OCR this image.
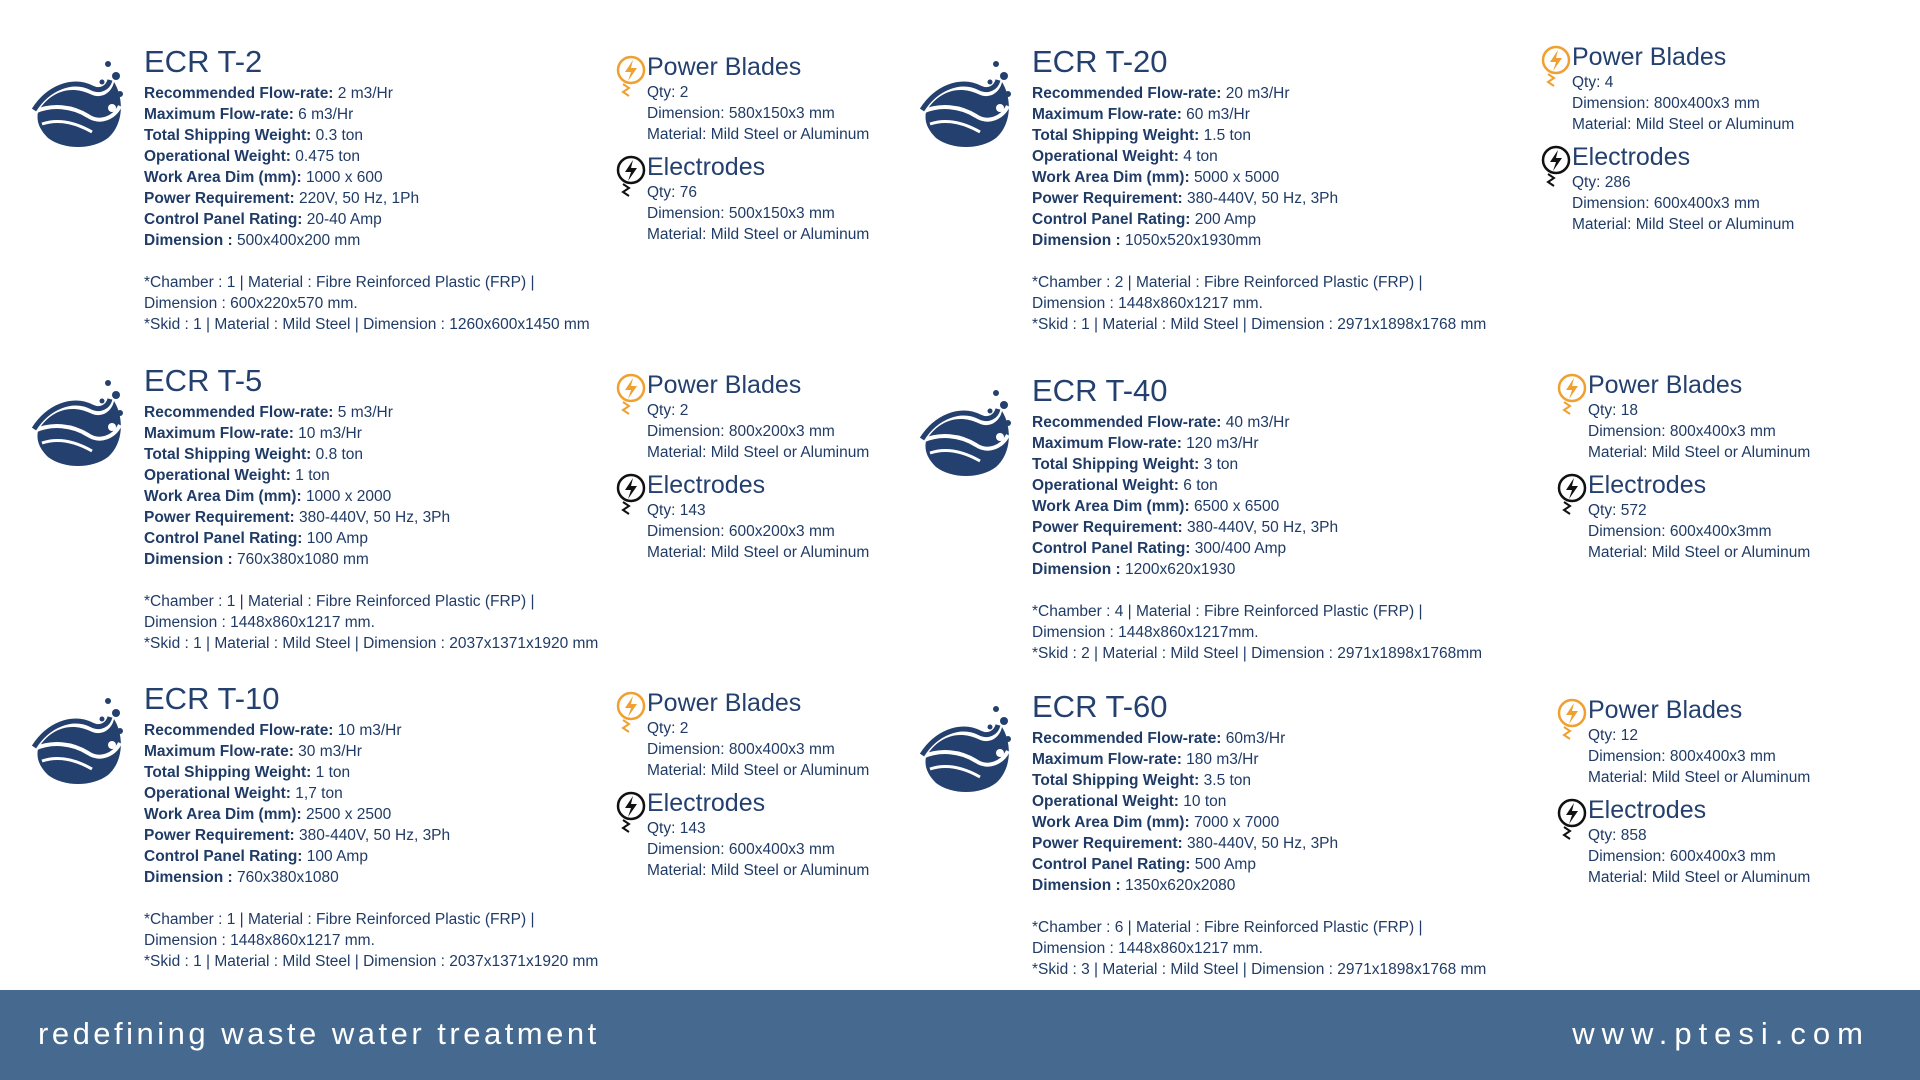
ECR T-2
Recommended Flow-rate: 2 m3/Hr
Maximum Flow-rate: 6 m3/Hr
Total Shipping Weight: 0.3 ton
Operational Weight: 0.475 ton
Work Area Dim (mm): 1000 x 600
Power Requirement: 220V, 50 Hz, 1Ph
Control Panel Rating: 20-40 Amp
Dimension : 500x400x200 mm
*Chamber : 1 | Material : Fibre Reinforced Plastic (FRP) |
Dimension : 600x220x570 mm.
*Skid : 1 | Material : Mild Steel | Dimension : 1260x600x1450 mm
Power Blades
Qty: 2
Dimension: 580x150x3 mm
Material: Mild Steel or Aluminum
Electrodes
Qty: 76
Dimension: 500x150x3 mm
Material: Mild Steel or Aluminum
ECR T-5
Recommended Flow-rate: 5 m3/Hr
Maximum Flow-rate: 10 m3/Hr
Total Shipping Weight: 0.8 ton
Operational Weight: 1 ton
Work Area Dim (mm): 1000 x 2000
Power Requirement: 380-440V, 50 Hz, 3Ph
Control Panel Rating: 100 Amp
Dimension : 760x380x1080 mm
*Chamber : 1 | Material : Fibre Reinforced Plastic (FRP) |
Dimension : 1448x860x1217 mm.
*Skid : 1 | Material : Mild Steel | Dimension : 2037x1371x1920 mm
Power Blades
Qty: 2
Dimension: 800x200x3 mm
Material: Mild Steel or Aluminum
Electrodes
Qty: 143
Dimension: 600x200x3 mm
Material: Mild Steel or Aluminum
ECR T-10
Recommended Flow-rate: 10 m3/Hr
Maximum Flow-rate: 30 m3/Hr
Total Shipping Weight: 1 ton
Operational Weight: 1,7 ton
Work Area Dim (mm): 2500 x 2500
Power Requirement: 380-440V, 50 Hz, 3Ph
Control Panel Rating: 100 Amp
Dimension : 760x380x1080
*Chamber : 1 | Material : Fibre Reinforced Plastic (FRP) |
Dimension : 1448x860x1217 mm.
*Skid : 1 | Material : Mild Steel | Dimension : 2037x1371x1920 mm
Power Blades
Qty: 2
Dimension: 800x400x3 mm
Material: Mild Steel or Aluminum
Electrodes
Qty: 143
Dimension: 600x400x3 mm
Material: Mild Steel or Aluminum
ECR T-20
Recommended Flow-rate: 20 m3/Hr
Maximum Flow-rate: 60 m3/Hr
Total Shipping Weight: 1.5 ton
Operational Weight: 4 ton
Work Area Dim (mm): 5000 x 5000
Power Requirement: 380-440V, 50 Hz, 3Ph
Control Panel Rating: 200 Amp
Dimension : 1050x520x1930mm
*Chamber : 2 | Material : Fibre Reinforced Plastic (FRP) |
Dimension : 1448x860x1217 mm.
*Skid : 1 | Material : Mild Steel | Dimension : 2971x1898x1768 mm
Power Blades
Qty: 4
Dimension: 800x400x3 mm
Material: Mild Steel or Aluminum
Electrodes
Qty: 286
Dimension: 600x400x3 mm
Material: Mild Steel or Aluminum
ECR T-40
Recommended Flow-rate: 40 m3/Hr
Maximum Flow-rate: 120 m3/Hr
Total Shipping Weight: 3 ton
Operational Weight: 6 ton
Work Area Dim (mm): 6500 x 6500
Power Requirement: 380-440V, 50 Hz, 3Ph
Control Panel Rating: 300/400 Amp
Dimension : 1200x620x1930
*Chamber : 4 | Material : Fibre Reinforced Plastic (FRP) |
Dimension : 1448x860x1217mm.
*Skid : 2 | Material : Mild Steel | Dimension : 2971x1898x1768mm
Power Blades
Qty: 18
Dimension: 800x400x3 mm
Material: Mild Steel or Aluminum
Electrodes
Qty: 572
Dimension: 600x400x3mm
Material: Mild Steel or Aluminum
ECR T-60
Recommended Flow-rate: 60m3/Hr
Maximum Flow-rate: 180 m3/Hr
Total Shipping Weight: 3.5 ton
Operational Weight: 10 ton
Work Area Dim (mm): 7000 x 7000
Power Requirement: 380-440V, 50 Hz, 3Ph
Control Panel Rating: 500 Amp
Dimension : 1350x620x2080
*Chamber : 6 | Material : Fibre Reinforced Plastic (FRP) |
Dimension : 1448x860x1217 mm.
*Skid : 3 | Material : Mild Steel | Dimension : 2971x1898x1768 mm
Power Blades
Qty: 12
Dimension: 800x400x3 mm
Material: Mild Steel or Aluminum
Electrodes
Qty: 858
Dimension: 600x400x3 mm
Material: Mild Steel or Aluminum
redefining waste water treatment	www.ptesi.com
